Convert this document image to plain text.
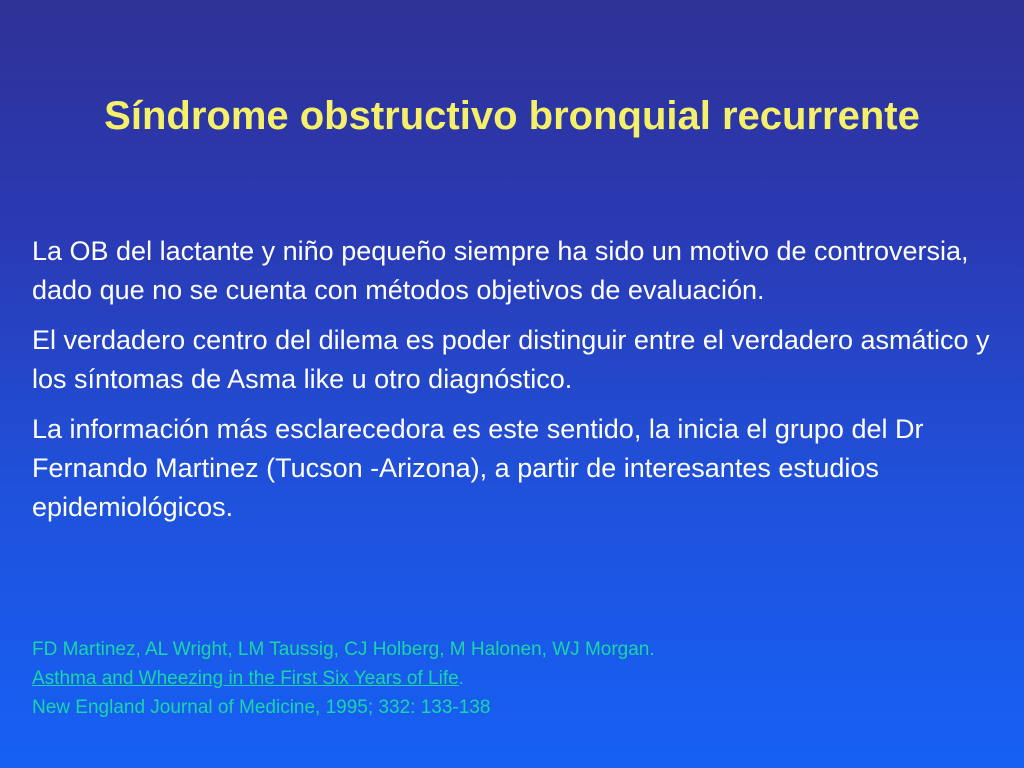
Síndrome obstructivo bronquial recurrente

La OB del lactante y niño pequeño siempre ha sido un motivo de controversia, dado que no se cuenta con métodos objetivos de evaluación.

El verdadero centro del dilema es poder distinguir entre el verdadero asmático y los síntomas de Asma like u otro diagnóstico.

La información más esclarecedora es este sentido, la inicia el grupo del Dr Fernando Martinez (Tucson -Arizona), a partir de interesantes estudios epidemiológicos.

FD Martinez, AL Wright, LM Taussig, CJ Holberg, M Halonen, WJ Morgan.

Asthma and Wheezing in the First Six Years of Life.

New England Journal of Medicine, 1995; 332: 133-138
